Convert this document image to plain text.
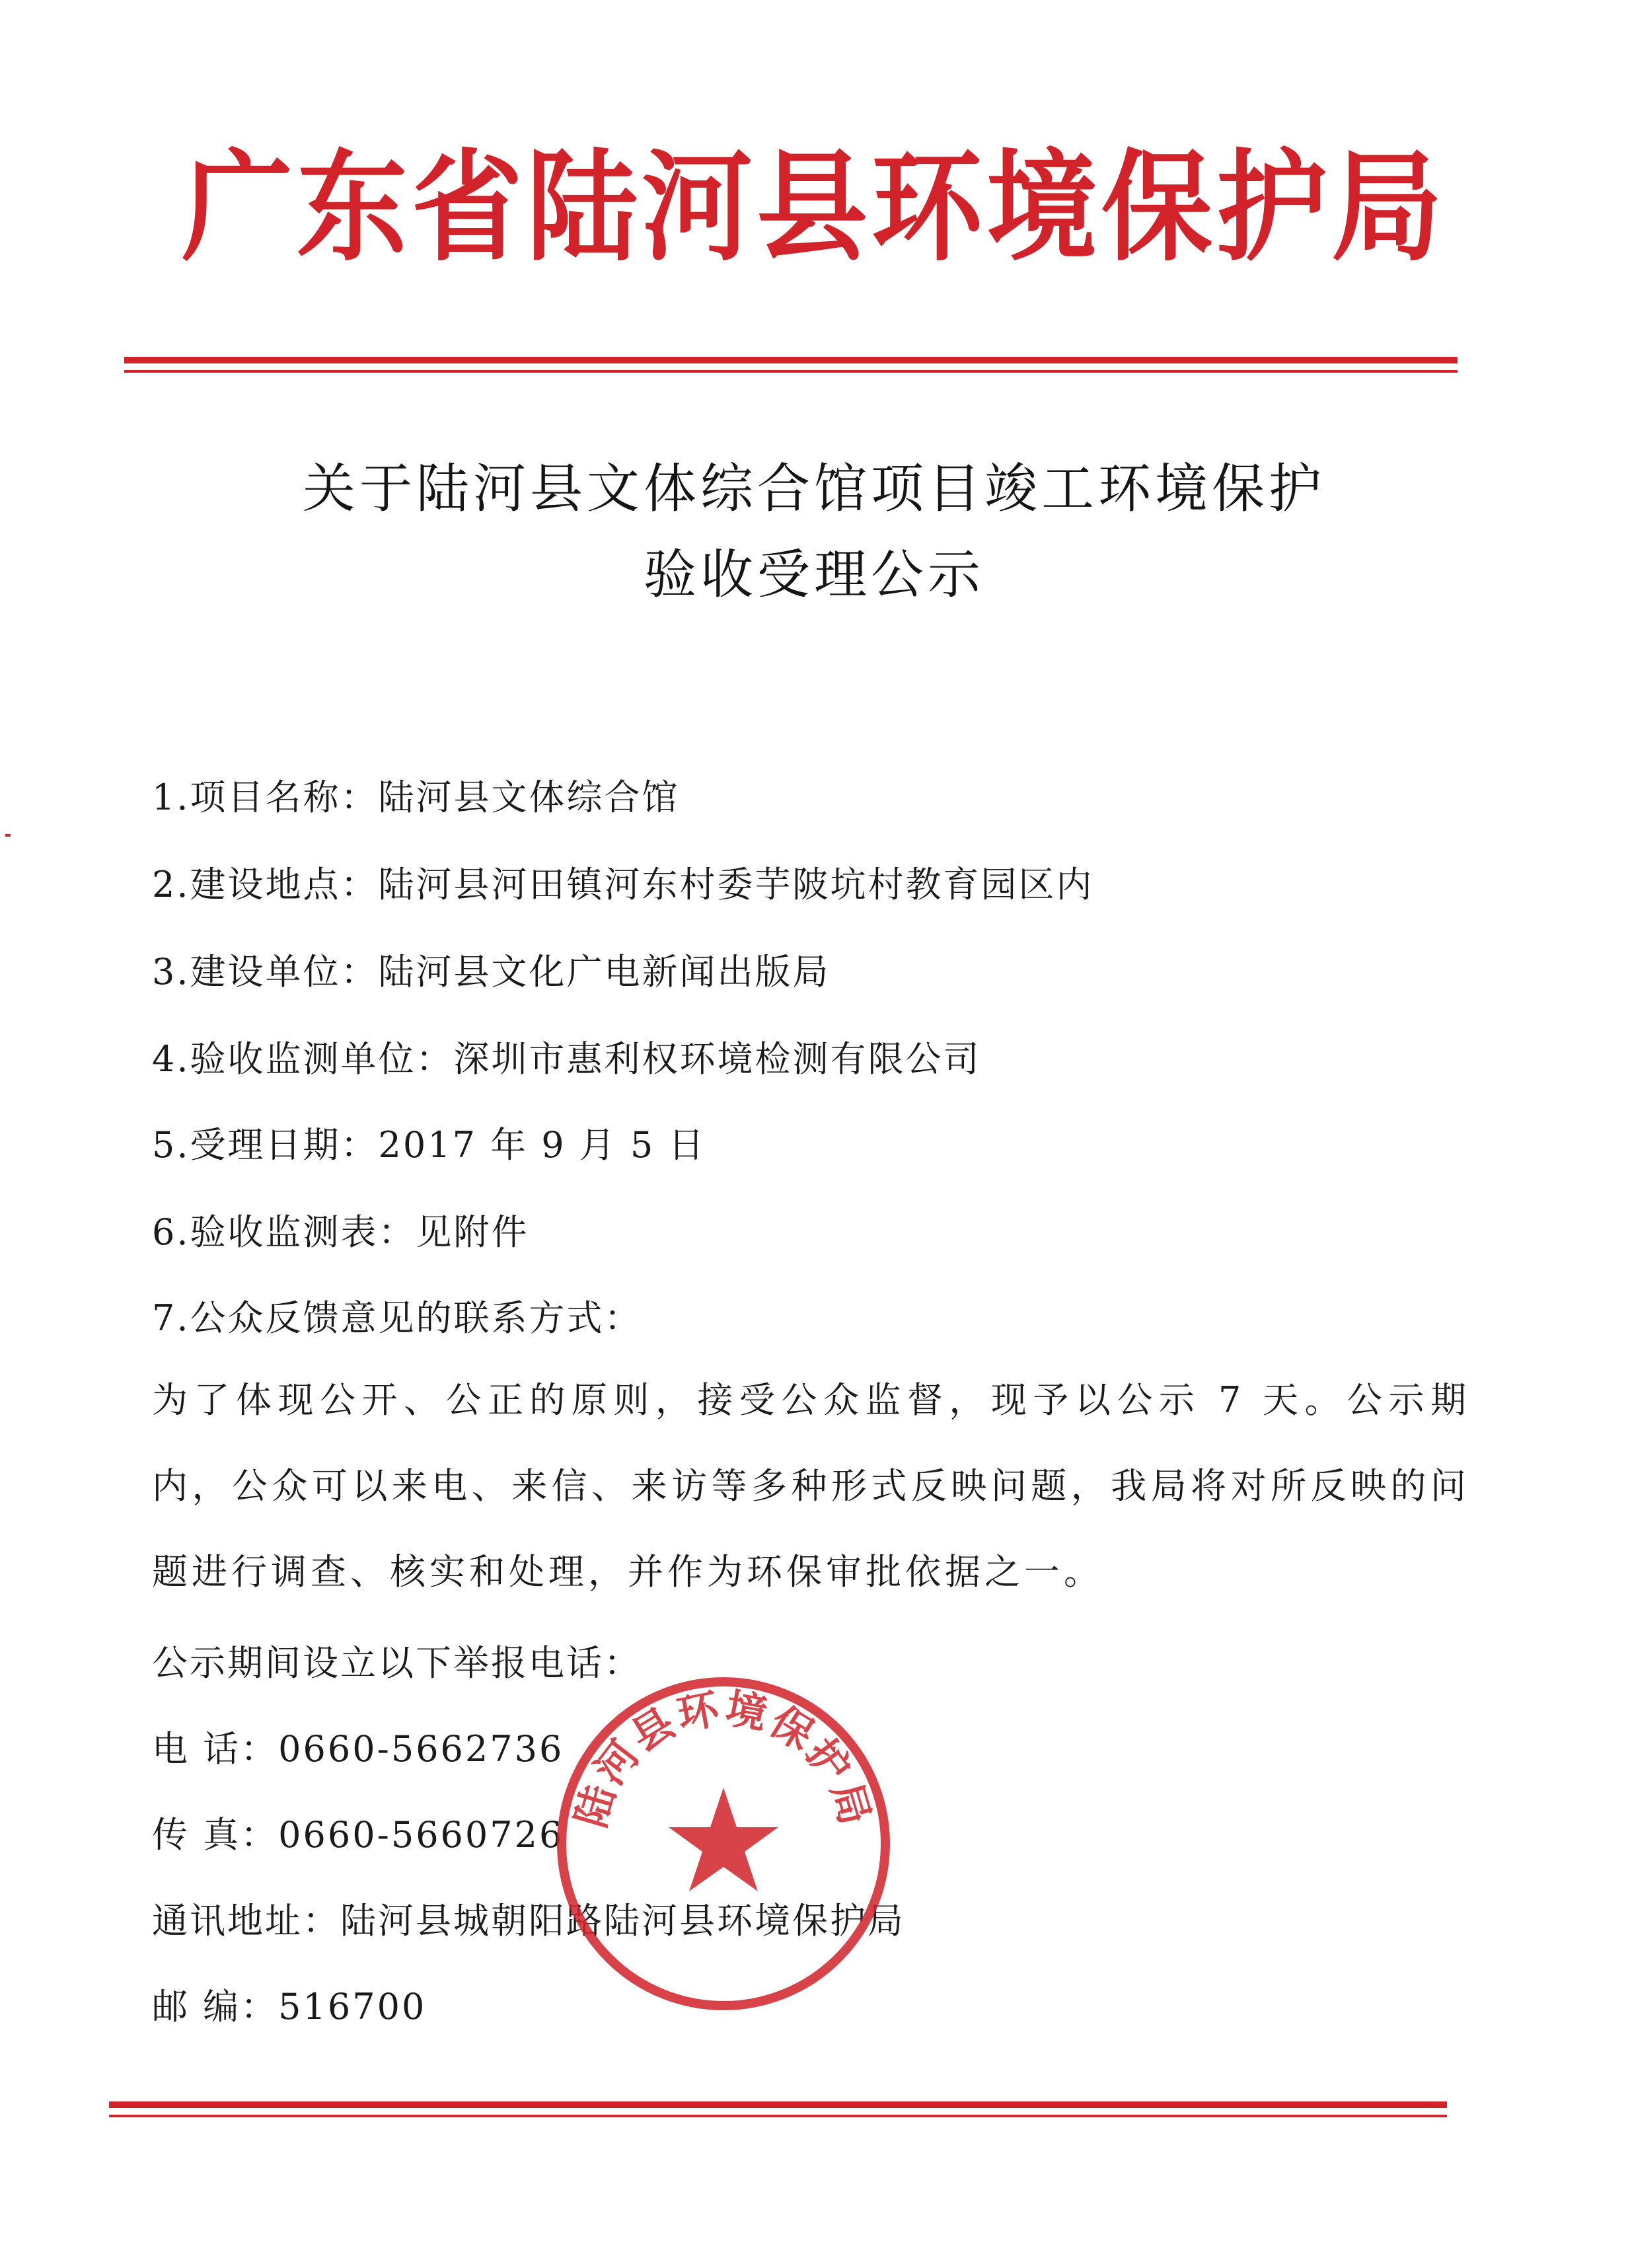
广东省陆河县环境保护局
关于陆河县文体综合馆项目竣工环境保护
验收受理公示
1.项目名称：陆河县文体综合馆
2.建设地点：陆河县河田镇河东村委芋陂坑村教育园区内
3.建设单位：陆河县文化广电新闻出版局
4.验收监测单位：深圳市惠利权环境检测有限公司
5.受理日期：2017 年 9 月 5 日
6.验收监测表：见附件
7.公众反馈意见的联系方式：
为了体现公开、公正的原则，接受公众监督，现予以公示 7 天。公示期内，公众可以来电、来信、来访等多种形式反映问题，我局将对所反映的问题进行调查、核实和处理，并作为环保审批依据之一。
公示期间设立以下举报电话：
电 话：0660-5662736
传 真：0660-5660726
通讯地址：陆河县城朝阳路陆河县环境保护局
邮 编：516700
陆河县环境保护局
